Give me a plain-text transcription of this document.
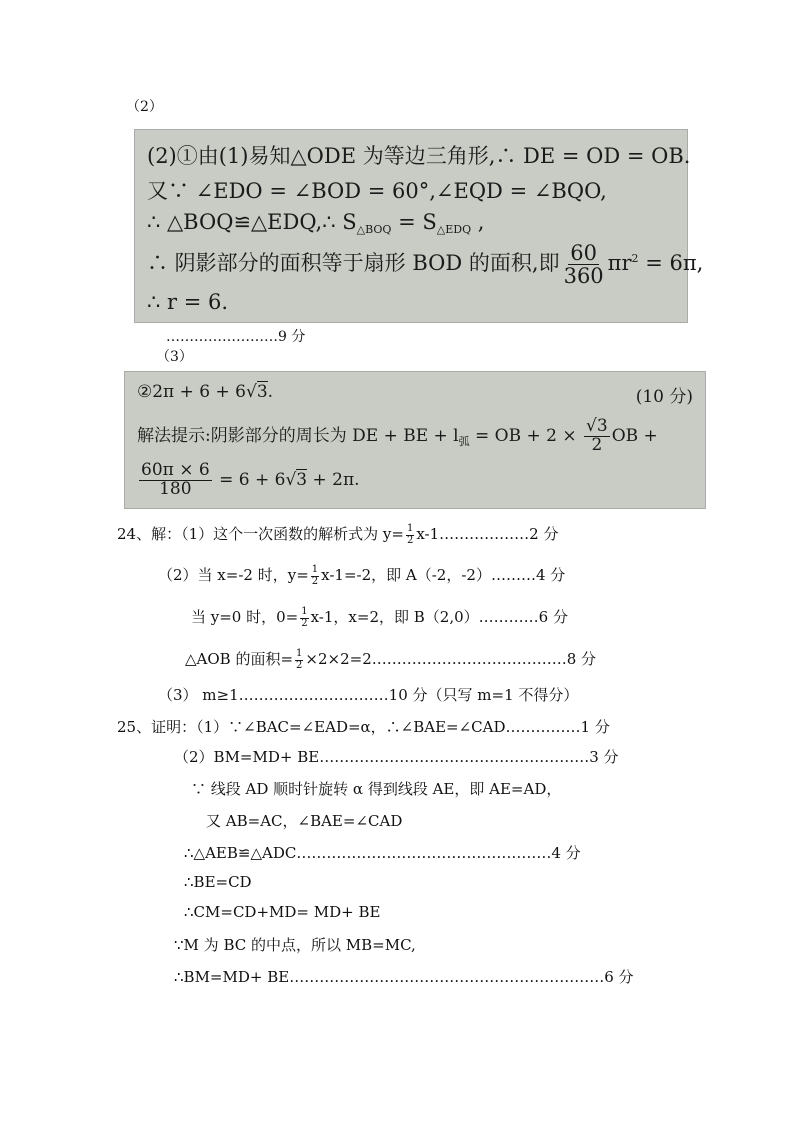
（2）
(2)①由(1)易知△ODE 为等边三角形,∴ DE = OD = OB.
又∵ ∠EDO = ∠BOD = 60°,∠EQD = ∠BQO,
∴ △BOQ≌△EDQ,∴ $S_{\triangle BOQ} = S_{\triangle EDQ}$ ,
∴ 阴影部分的面积等于扇形 BOD 的面积,即 $\frac{60}{360} \pi r^2 = 6\pi$,
∴ r = 6.
……………………9 分
（3）
②2π + 6 + 6√3.	(10 分)
解法提示:阴影部分的周长为 DE + BE + $l_弧$ = OB + $2 \times \frac{√3}{2}$ OB +
$\frac{60\pi \times 6}{180} = 6 + 6√3 + 2\pi$.
24、解：（1）这个一次函数的解析式为 $y= \frac{1}{2}$ x-1………………2 分
（2）当 x=-2 时，$y= \frac{1}{2} x-1=-2$，即 A（-2，-2）………4 分
当 y=0 时，$0= \frac{1}{2} x-1$，x=2，即 B（2,0）…………6 分
△AOB 的面积= $\frac{1}{2}$ ×2×2=2…………………………………8 分
（3） m≥1…………………………10 分（只写 m=1 不得分）
25、证明：（1）∵∠BAC=∠EAD=α，∴∠BAE=∠CAD……………1 分
（2）BM=MD+ BE………………………………………………3 分
∵ 线段 AD 顺时针旋转 α 得到线段 AE，即 AE=AD，
又 AB=AC，∠BAE=∠CAD
∴△AEB≌△ADC……………………………………………4 分
∴BE=CD
∴CM=CD+MD= MD+ BE
∵M 为 BC 的中点，所以 MB=MC,
∴BM=MD+ BE………………………………………………………6 分
